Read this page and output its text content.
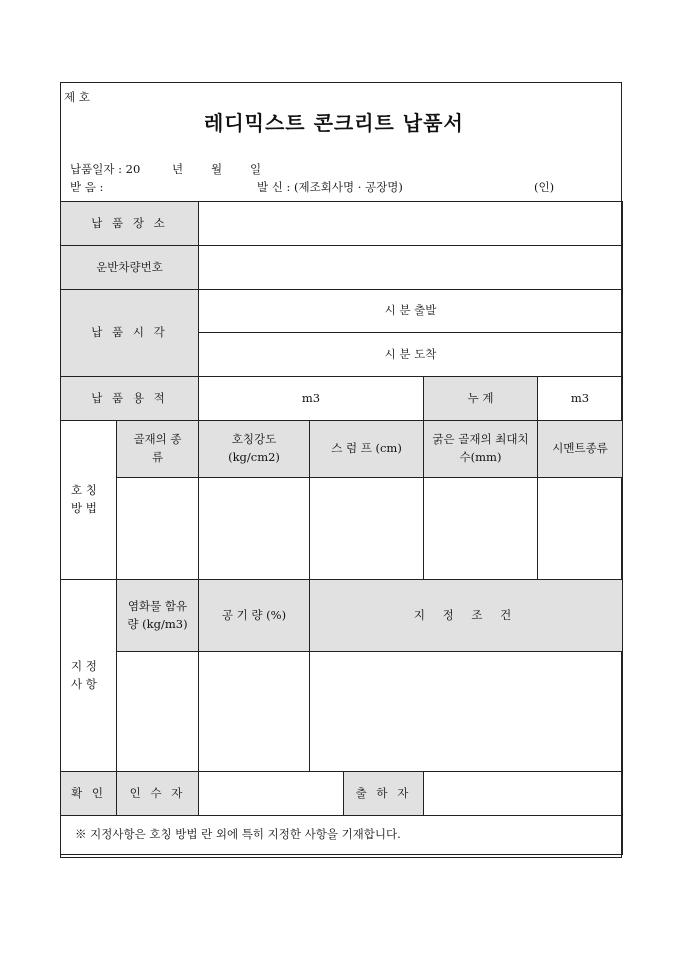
제 호
레디믹스트 콘크리트 납품서
납품일자 : 20	년 월 일
받 음 :	발 신 : (제조회사명 · 공장명)	(인)
납 품 장 소						
운반차량번호						
납 품 시 각		시 분 출발				
		시 분 도착				
납 품 용 적		m3			누 계	m3

호 칭 방 법	골재의 종 류	호칭강도 (kg/cm2)	스 럼 프 (cm)		굵은 골재의 최대치수(mm)	시멘트종류

지 정 사 항	염화물 함유량 (kg/m3)	공 기 량 (%)	지 정 조 건			

확 인	인 수 자			출 하 자		
※ 지정사항은 호칭 방법 란 외에 특히 지정한 사항을 기재합니다.						
